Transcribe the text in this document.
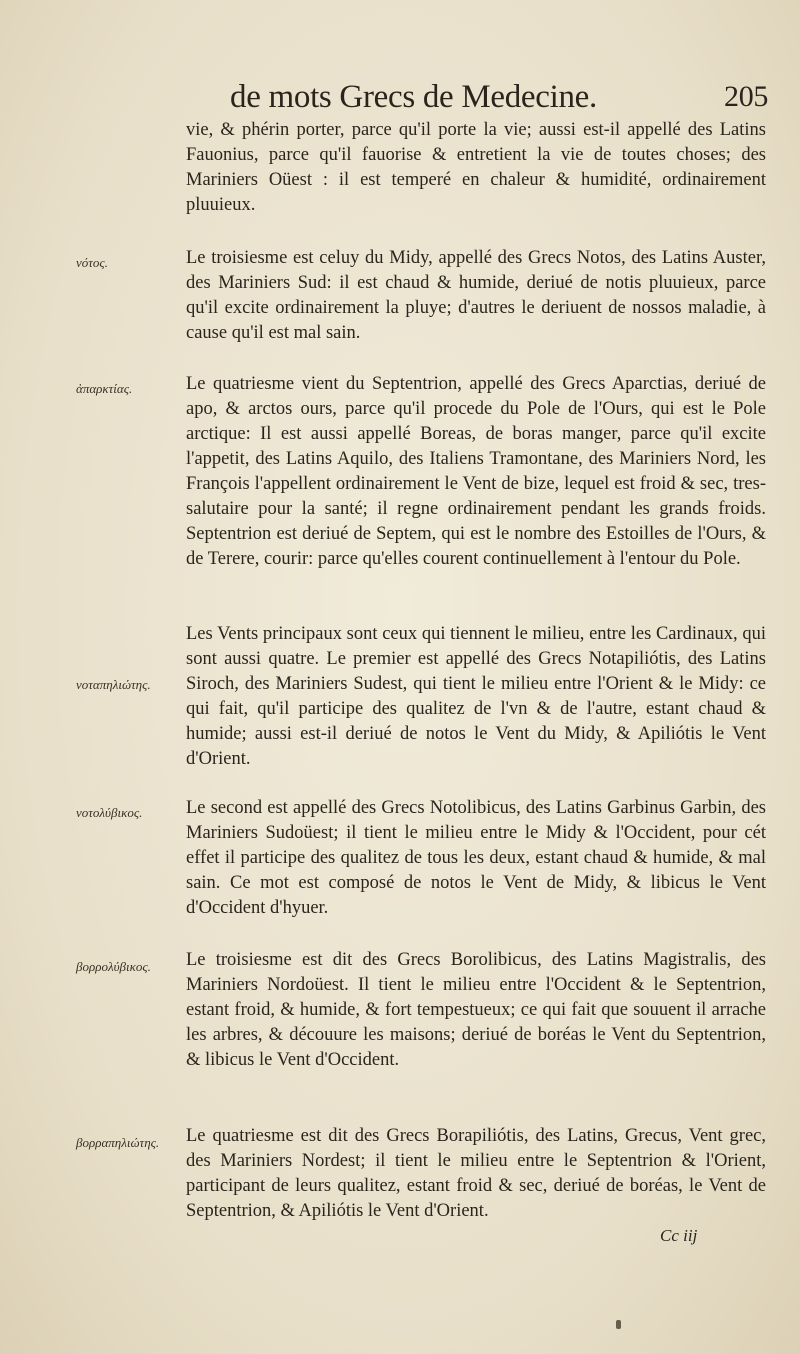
de mots Grecs de Medecine.	205

vie, & phérin porter, parce qu'il porte la vie; aussi est-il appellé des Latins Fauonius, parce qu'il fauorise & entretient la vie de toutes choses; des Mariniers Oüest : il est temperé en chaleur & humidité, ordinairement pluuieux.

νότος.	Le troisiesme est celuy du Midy, appellé des Grecs Notos, des Latins Auster, des Mariniers Sud: il est chaud & humide, deriué de notis pluuieux, parce qu'il excite ordinairement la pluye; d'autres le deriuent de nossos maladie, à cause qu'il est mal sain.

ἀπαρκτίας.	Le quatriesme vient du Septentrion, appellé des Grecs Aparctias, deriué de apo, & arctos ours, parce qu'il procede du Pole de l'Ours, qui est le Pole arctique: Il est aussi appellé Boreas, de boras manger, parce qu'il excite l'appetit, des Latins Aquilo, des Italiens Tramontane, des Mariniers Nord, les François l'appellent ordinairement le Vent de bize, lequel est froid & sec, tres-salutaire pour la santé; il regne ordinairement pendant les grands froids. Septentrion est deriué de Septem, qui est le nombre des Estoilles de l'Ours, & de Terere, courir: parce qu'elles courent continuellement à l'entour du Pole.

νοταπηλιώτης.

Les Vents principaux sont ceux qui tiennent le milieu, entre les Cardinaux, qui sont aussi quatre. Le premier est appellé des Grecs Notapiliótis, des Latins Siroch, des Mariniers Sudest, qui tient le milieu entre l'Orient & le Midy: ce qui fait, qu'il participe des qualitez de l'vn & de l'autre, estant chaud & humide; aussi est-il deriué de notos le Vent du Midy, & Apiliótis le Vent d'Orient.

νοτολύβικος.	Le second est appellé des Grecs Notolibicus, des Latins Garbinus Garbin, des Mariniers Sudoüest; il tient le milieu entre le Midy & l'Occident, pour cét effet il participe des qualitez de tous les deux, estant chaud & humide, & mal sain. Ce mot est composé de notos le Vent de Midy, & libicus le Vent d'Occident d'hyuer.

βορρολύβικος.	Le troisiesme est dit des Grecs Borolibicus, des Latins Magistralis, des Mariniers Nordoüest. Il tient le milieu entre l'Occident & le Septentrion, estant froid, & humide, & fort tempestueux; ce qui fait que souuent il arrache les arbres, & découure les maisons; deriué de boréas le Vent du Septentrion, & libicus le Vent d'Occident.

βορραπηλιώτης.	Le quatriesme est dit des Grecs Borapiliótis, des Latins, Grecus, Vent grec, des Mariniers Nordest; il tient le milieu entre le Septentrion & l'Orient, participant de leurs qualitez, estant froid & sec, deriué de boréas, le Vent de Septentrion, & Apiliótis le Vent d'Orient.

Cc iij
